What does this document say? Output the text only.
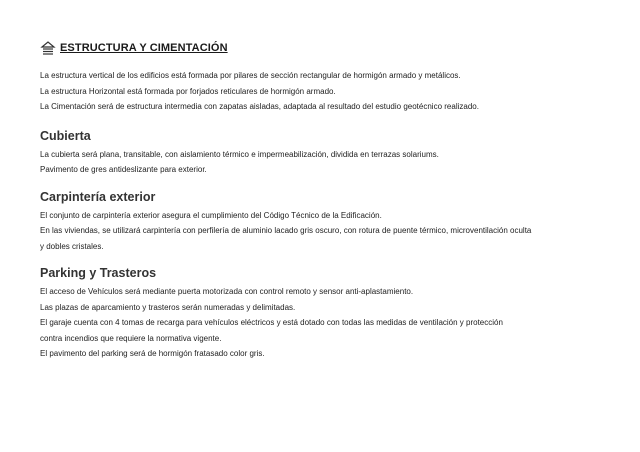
ESTRUCTURA Y CIMENTACIÓN

La estructura vertical de los edificios está formada por pilares de sección rectangular de hormigón armado y metálicos.

La estructura Horizontal está formada por forjados reticulares de hormigón armado.

La Cimentación será de estructura intermedia con zapatas aisladas, adaptada al resultado del estudio geotécnico realizado.

Cubierta

La cubierta será plana, transitable, con aislamiento térmico e impermeabilización, dividida en terrazas solariums.

Pavimento de gres antideslizante para exterior.

Carpintería exterior

El conjunto de carpintería exterior asegura el cumplimiento del Código Técnico de la Edificación.

En las viviendas, se utilizará carpintería con perfilería de aluminio lacado gris oscuro, con rotura de puente térmico, microventilación oculta

y dobles cristales.

Parking y Trasteros

El acceso de Vehículos será mediante puerta motorizada con control remoto y sensor anti-aplastamiento.

Las plazas de aparcamiento y trasteros serán numeradas y delimitadas.

El garaje cuenta con 4 tomas de recarga para vehículos eléctricos y está dotado con todas las medidas de ventilación y protección

contra incendios que requiere la normativa vigente.

El pavimento del parking será de hormigón fratasado color gris.
